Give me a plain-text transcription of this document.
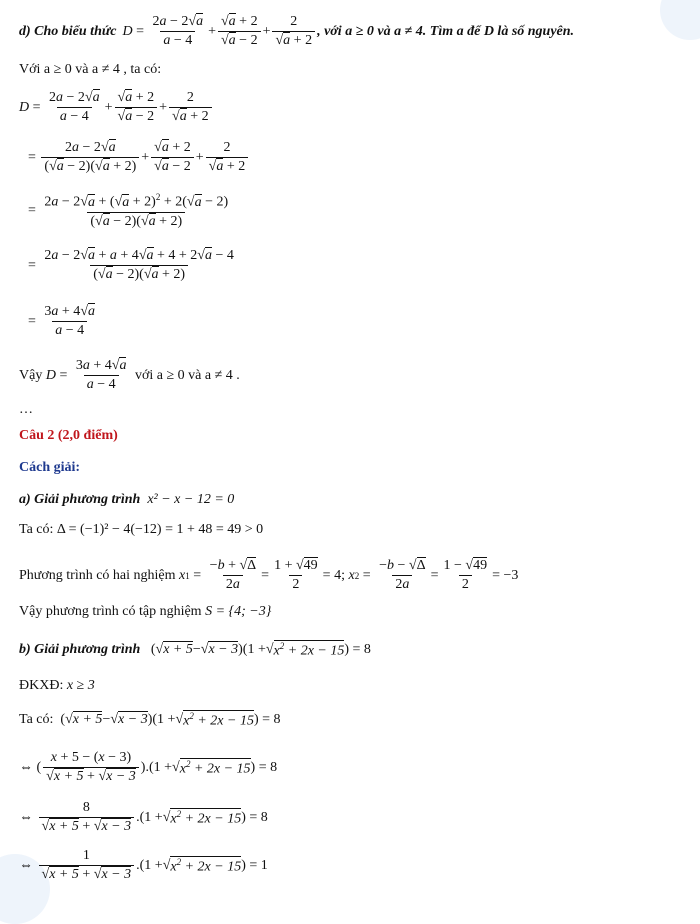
d) Cho biểu thức $D = \frac{2a - 2√a}{a - 4} + \frac{√a + 2}{√a - 2} + \frac{2}{√a + 2}$ , với a ≥ 0 và a ≠ 4. Tìm a để D là số nguyên.
Với a ≥ 0 và a ≠ 4 , ta có:
$D = \frac{2a - 2√a}{a - 4} + \frac{√a + 2}{√a - 2} + \frac{2}{√a + 2}$
= $\frac{2a - 2√a}{(√a - 2)(√a + 2)} + \frac{√a + 2}{√a - 2} + \frac{2}{√a + 2}$
= $\frac{2a - 2√a + (√a + 2)^2 + 2(√a - 2)}{(√a - 2)(√a + 2)}$
= $\frac{2a - 2√a + a + 4√a + 4 + 2√a - 4}{(√a - 2)(√a + 2)}$
= $\frac{3a + 4√a}{a - 4}$
Vậy
$D = \frac{3a + 4√a}{a - 4}$
với a ≥ 0 và a ≠ 4 .
…
Câu 2 (2,0 điểm)
Cách giải:
a) Giải phương trình
x² − x − 12 = 0
Ta có:
Δ = (−1)² − 4(−12) = 1 + 48 = 49 > 0
Phương trình có hai nghiệm
x $1 = \frac{-b + √\Delta}{2a} = \frac{1 + √49}{2} = 4$; x $2 = \frac{-b - √\Delta}{2a} = \frac{1 - √49}{2} = -3$
Vậy phương trình có tập nghiệm
S = {4; −3}
b) Giải phương trình ( √ x + 5 − √ x − 3 )(1 + √ $x^2 + 2x - 15$ ) = 8
ĐKXĐ:
x ≥ 3
Ta có: ( √ x + 5 − √ x − 3 )(1 + √ $x^2 + 2x - 15$ ) = 8
⇔ ( $\frac{x + 5 - (x - 3)}{√x + 5 + √x - 3} ).(1$ + √ $x^2 + 2x - 15$ ) = 8
⇔ $\frac{8}{√x + 5 + √x - 3} .(1$ + √ $x^2 + 2x - 15$ ) = 8
⇔ $\frac{1}{√x + 5 + √x - 3} .(1$ + √ $x^2 + 2x - 15$ ) = 1
